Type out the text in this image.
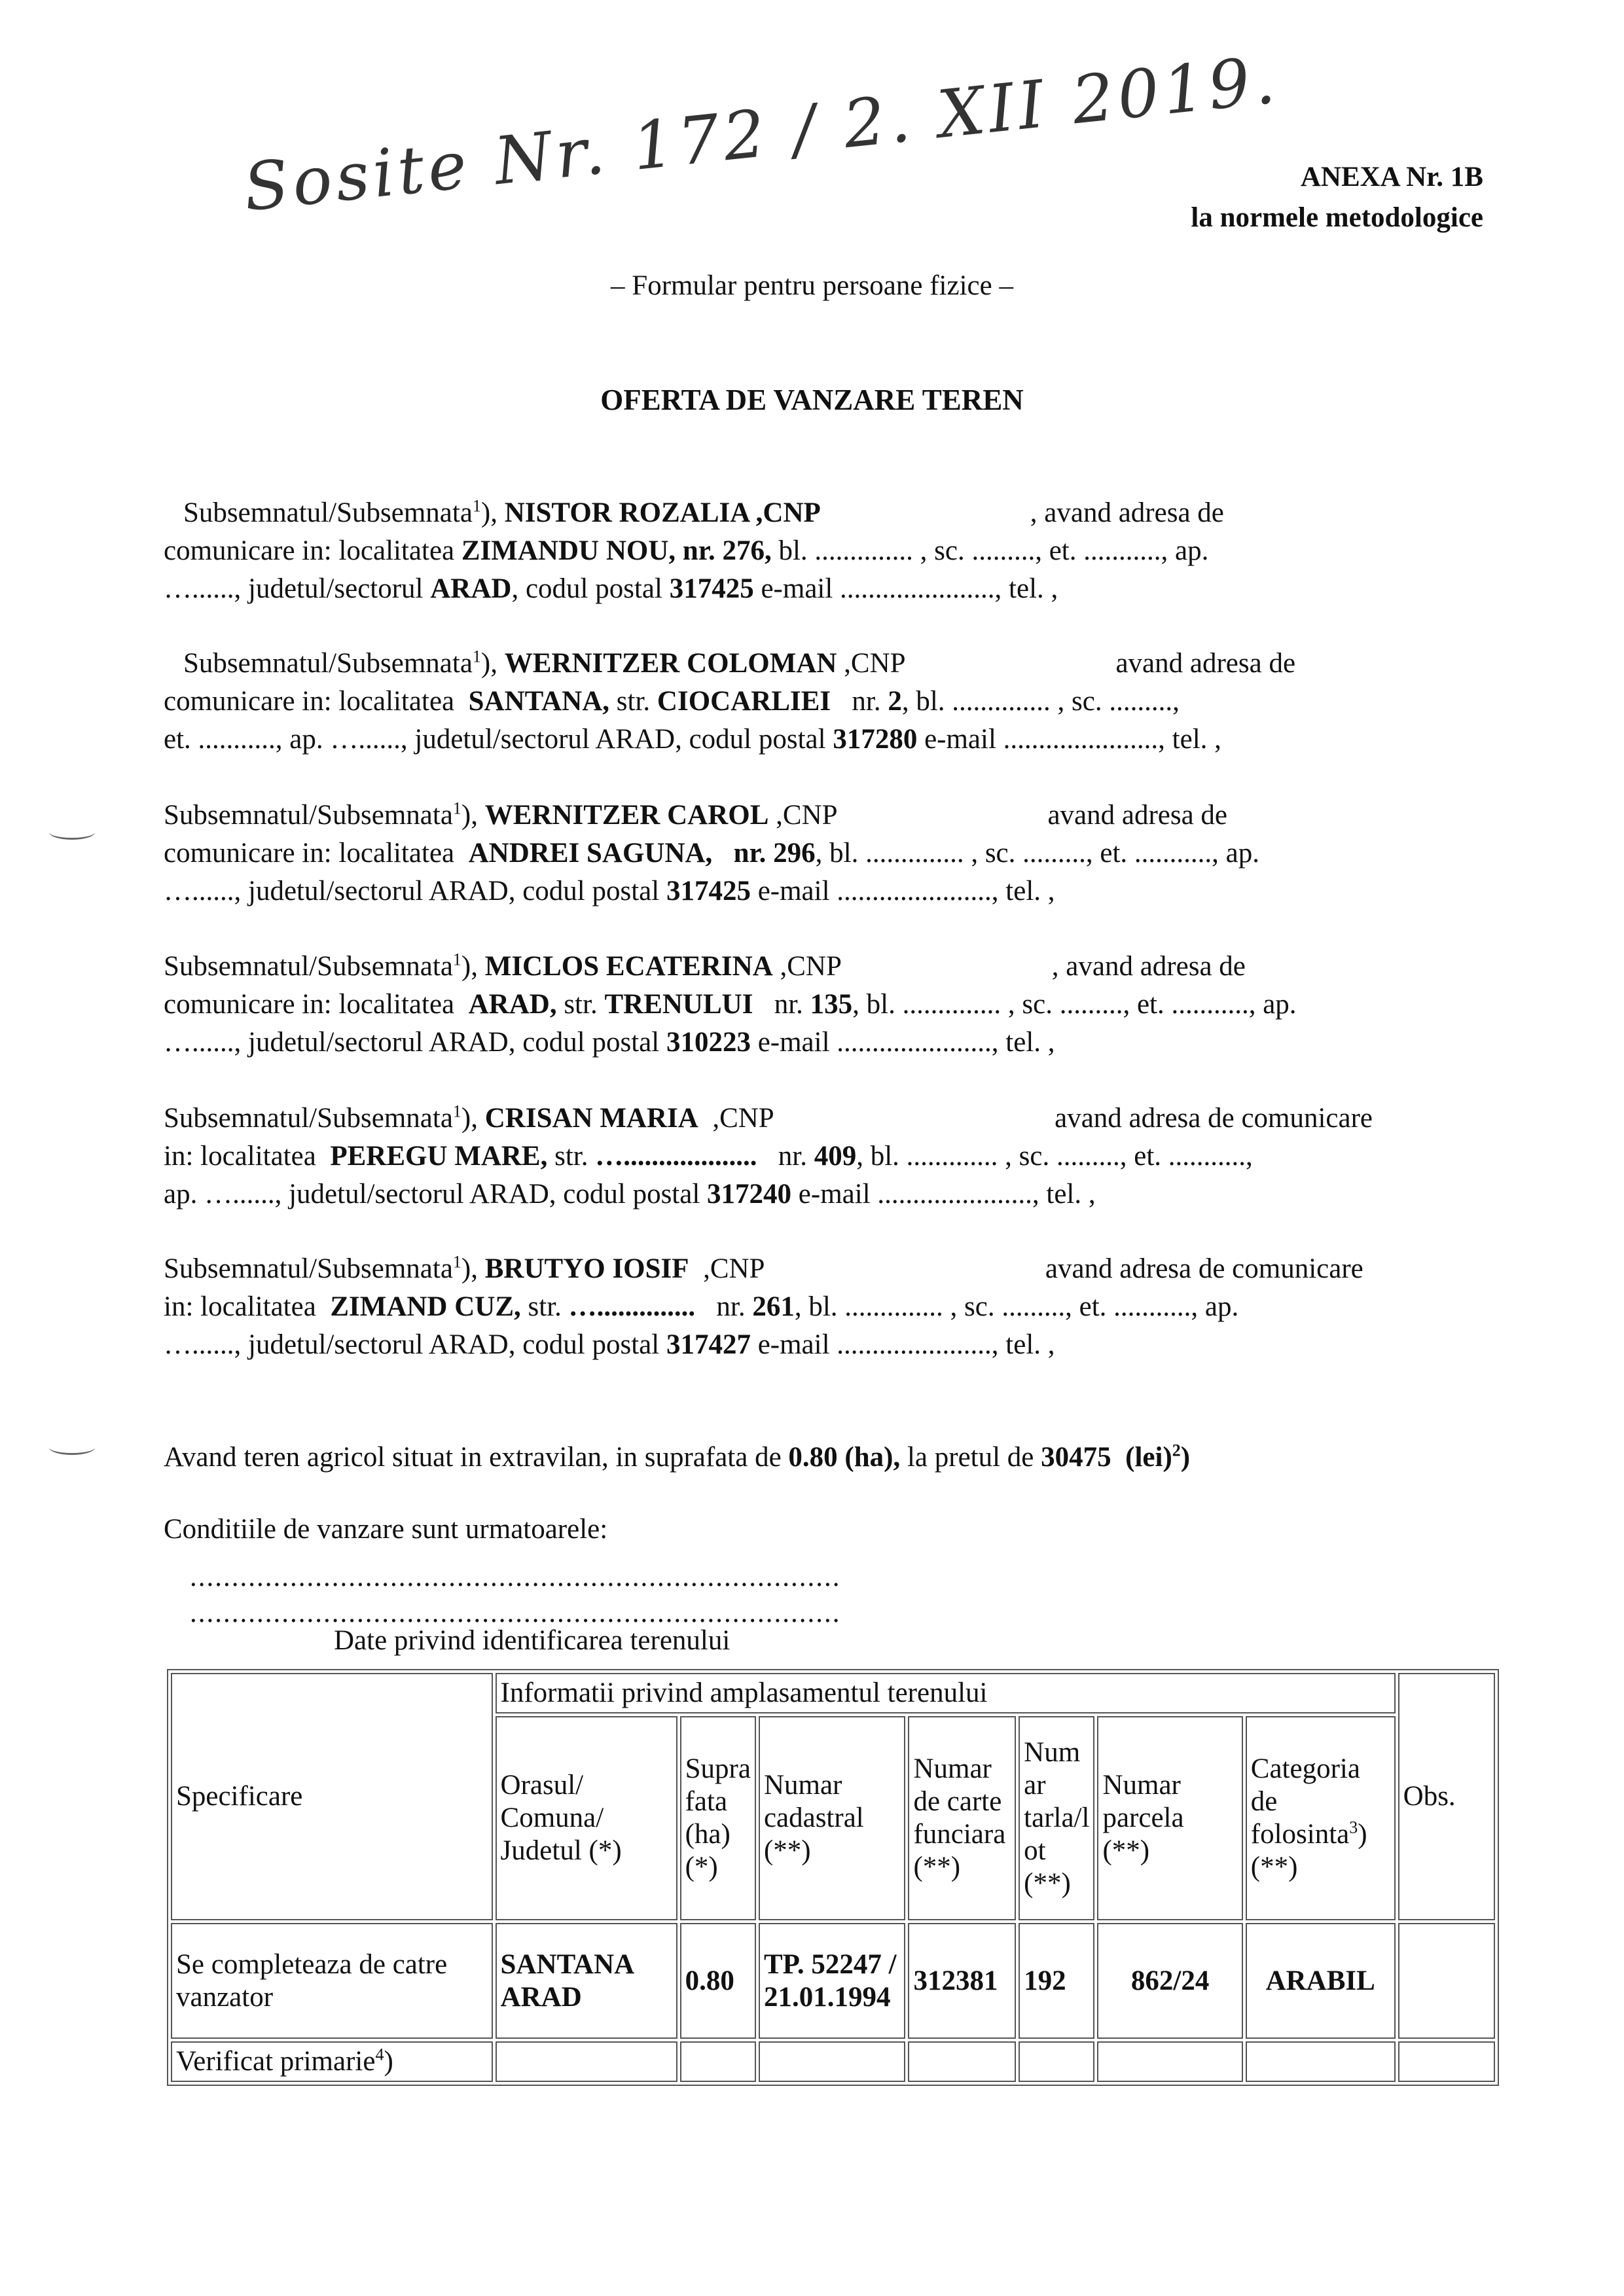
Sosite Nr. 172 / 2. XII 2019. ANEXA Nr. 1B
la normele metodologice
– Formular pentru persoane fizice –
OFERTA DE VANZARE TEREN
Subsemnatul/Subsemnata$^1$), NISTOR ROZALIA ,CNP	, avand adresa de
comunicare in: localitatea ZIMANDU NOU, nr. 276, bl. .............. , sc. ........., et. ..........., ap.
…......, judetul/sectorul ARAD, codul postal 317425 e-mail ......................, tel. ,
Subsemnatul/Subsemnata$^1$), WERNITZER COLOMAN ,CNP                              avand adresa de
comunicare in: localitatea  SANTANA, str. CIOCARLIEI   nr. 2, bl. .............. , sc. .........,
et. ..........., ap. …......, judetul/sectorul ARAD, codul postal 317280 e-mail ......................, tel. ,
Subsemnatul/Subsemnata$^1$), WERNITZER CAROL ,CNP                              avand adresa de
comunicare in: localitatea  ANDREI SAGUNA, nr. 296, bl. .............. , sc. ........., et. ..........., ap.
…......, judetul/sectorul ARAD, codul postal 317425 e-mail ......................, tel. ,
Subsemnatul/Subsemnata$^1$), MICLOS ECATERINA ,CNP                              , avand adresa de
comunicare in: localitatea  ARAD, str. TRENULUI   nr. 135, bl. .............. , sc. ........., et. ..........., ap.
…......, judetul/sectorul ARAD, codul postal 310223 e-mail ......................, tel. ,
Subsemnatul/Subsemnata$^1$), CRISAN MARIA  ,CNP                                        avand adresa de comunicare
in: localitatea  PEREGU MARE, str. …...................   nr. 409, bl. ............. , sc. ........., et. ...........,
ap. …......, judetul/sectorul ARAD, codul postal 317240 e-mail ......................, tel. ,
Subsemnatul/Subsemnata$^1$), BRUTYO IOSIF  ,CNP                                        avand adresa de comunicare
in: localitatea  ZIMAND CUZ, str. …..............   nr. 261, bl. .............. , sc. ........., et. ..........., ap.
…......, judetul/sectorul ARAD, codul postal 317427 e-mail ......................, tel. ,
Avand teren agricol situat in extravilan, in suprafata de 0.80 (ha), la pretul de 30475  (lei)$^2$)
Conditiile de vanzare sunt urmatoarele:
..............................................................................
..............................................................................
Date privind identificarea terenului
Specificare	Informatii privind amplasamentul terenului							Obs.
	Orasul/ Comuna/ Judetul (*)	Supra fata (ha) (*)	Numar cadastral (**)	Numar de carte funciara (**)	Num ar tarla/l ot (**)	Numar parcela (**)	Categoria de folosinta$^3$) (**)	
Se completeaza de catre vanzator	SANTANA ARAD	0.80	TP. 52247 / 21.01.1994	312381	192	862/24	ARABIL	
Verificat primarie$^4$)								
